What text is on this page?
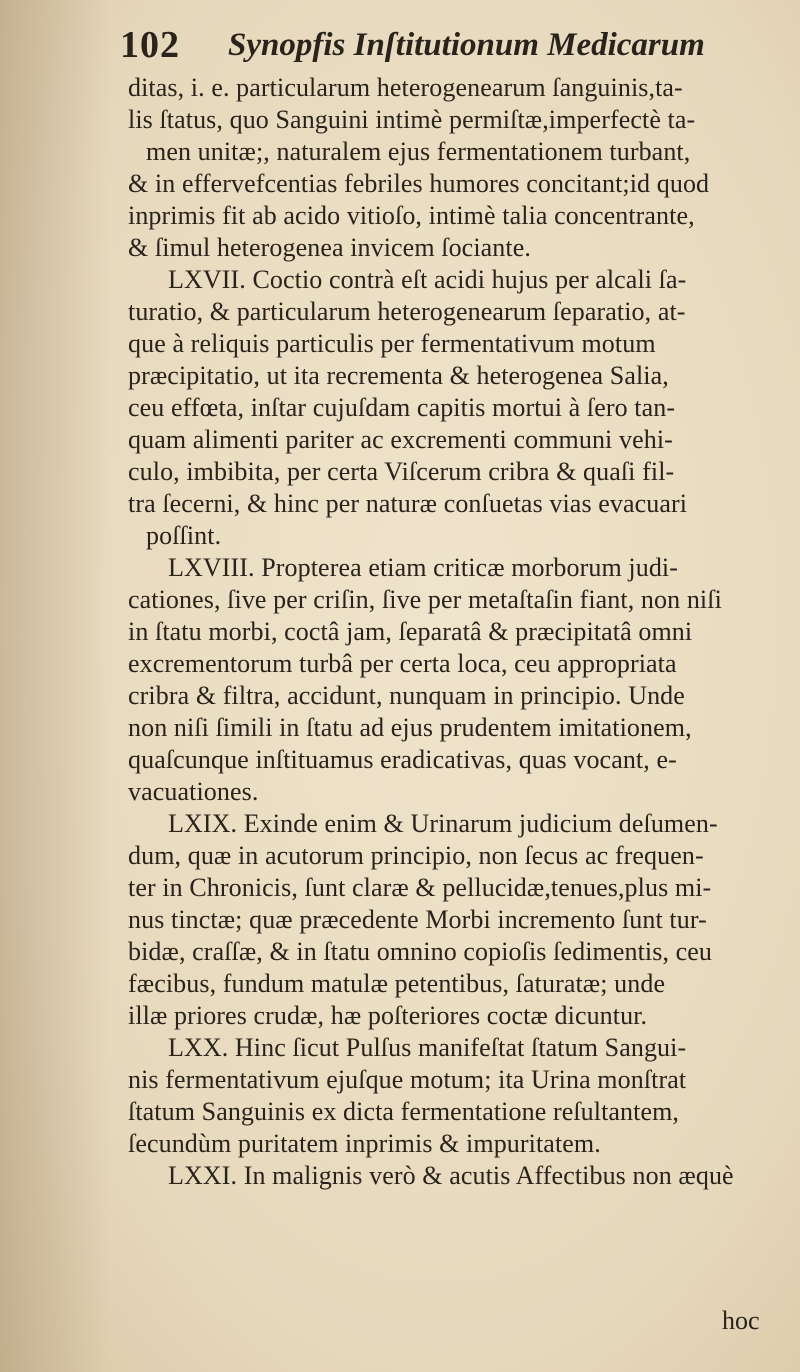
102 Synopfis Inſtitutionum Medicarum
ditas, i. e. particularum heterogenearum ſanguinis,ta-
lis ſtatus, quo Sanguini intimè permiſtæ,imperfectè ta-
men unitæ;, naturalem ejus fermentationem turbant,
& in effervefcentias febriles humores concitant;id quod
inprimis fit ab acido vitioſo, intimè talia concentrante,
& ſimul heterogenea invicem ſociante.
LXVII. Coctio contrà eſt acidi hujus per alcali ſa-
turatio, & particularum heterogenearum ſeparatio, at-
que à reliquis particulis per fermentativum motum
præcipitatio, ut ita recrementa & heterogenea Salia,
ceu effœta, inſtar cujuſdam capitis mortui à ſero tan-
quam alimenti pariter ac excrementi communi vehi-
culo, imbibita, per certa Viſcerum cribra & quaſi fil-
tra ſecerni, & hinc per naturæ conſuetas vias evacuari
poſſint.
LXVIII. Propterea etiam criticæ morborum judi-
cationes, ſive per criſin, ſive per metaſtaſin fiant, non niſi
in ſtatu morbi, coctâ jam, ſeparatâ & præcipitatâ omni
excrementorum turbâ per certa loca, ceu appropriata
cribra & filtra, accidunt, nunquam in principio. Unde
non niſi ſimili in ſtatu ad ejus prudentem imitationem,
quaſcunque inſtituamus eradicativas, quas vocant, e-
vacuationes.
LXIX. Exinde enim & Urinarum judicium deſumen-
dum, quæ in acutorum principio, non ſecus ac frequen-
ter in Chronicis, ſunt claræ & pellucidæ,tenues,plus mi-
nus tinctæ; quæ præcedente Morbi incremento ſunt tur-
bidæ, craſſæ, & in ſtatu omnino copioſis ſedimentis, ceu
fæcibus, fundum matulæ petentibus, ſaturatæ; unde
illæ priores crudæ, hæ poſteriores coctæ dicuntur.
LXX. Hinc ſicut Pulſus manifeſtat ſtatum Sangui-
nis fermentativum ejuſque motum; ita Urina monſtrat
ſtatum Sanguinis ex dicta fermentatione reſultantem,
ſecundùm puritatem inprimis & impuritatem.
LXXI. In malignis verò & acutis Affectibus non æquè
hoc
